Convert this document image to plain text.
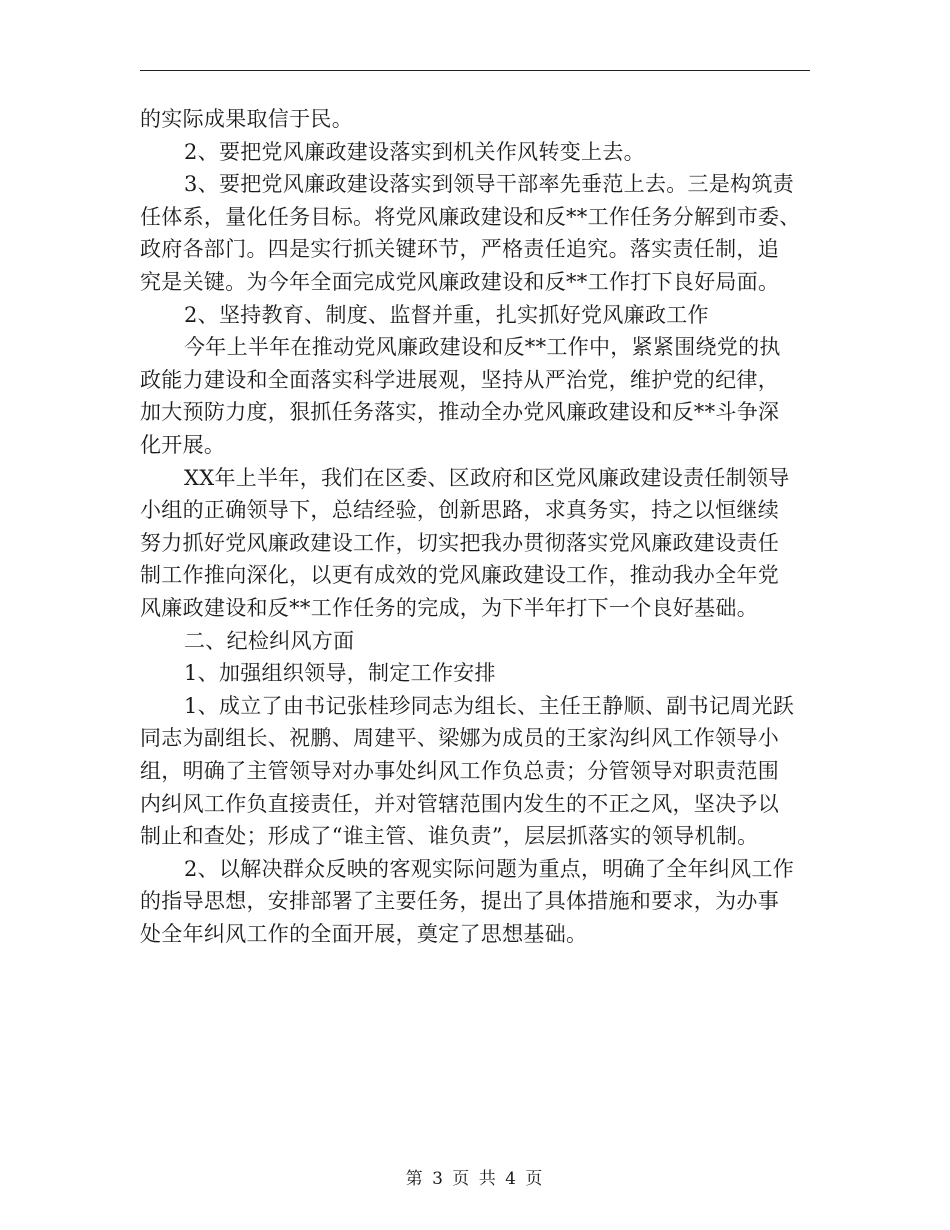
的实际成果取信于民。
2、要把党风廉政建设落实到机关作风转变上去。
3、要把党风廉政建设落实到领导干部率先垂范上去。三是构筑责
任体系，量化任务目标。将党风廉政建设和反**工作任务分解到市委、
政府各部门。四是实行抓关键环节，严格责任追究。落实责任制，追
究是关键。为今年全面完成党风廉政建设和反**工作打下良好局面。
2、坚持教育、制度、监督并重，扎实抓好党风廉政工作
今年上半年在推动党风廉政建设和反**工作中，紧紧围绕党的执
政能力建设和全面落实科学进展观，坚持从严治党，维护党的纪律，
加大预防力度，狠抓任务落实，推动全办党风廉政建设和反**斗争深
化开展。
XX年上半年，我们在区委、区政府和区党风廉政建设责任制领导
小组的正确领导下，总结经验，创新思路，求真务实，持之以恒继续
努力抓好党风廉政建设工作，切实把我办贯彻落实党风廉政建设责任
制工作推向深化，以更有成效的党风廉政建设工作，推动我办全年党
风廉政建设和反**工作任务的完成，为下半年打下一个良好基础。
二、纪检纠风方面
1、加强组织领导，制定工作安排
1、成立了由书记张桂珍同志为组长、主任王静顺、副书记周光跃
同志为副组长、祝鹏、周建平、梁娜为成员的王家沟纠风工作领导小
组，明确了主管领导对办事处纠风工作负总责；分管领导对职责范围
内纠风工作负直接责任，并对管辖范围内发生的不正之风，坚决予以
制止和查处；形成了“谁主管、谁负责”，层层抓落实的领导机制。
2、以解决群众反映的客观实际问题为重点，明确了全年纠风工作
的指导思想，安排部署了主要任务，提出了具体措施和要求，为办事
处全年纠风工作的全面开展，奠定了思想基础。
第 3 页 共 4 页
